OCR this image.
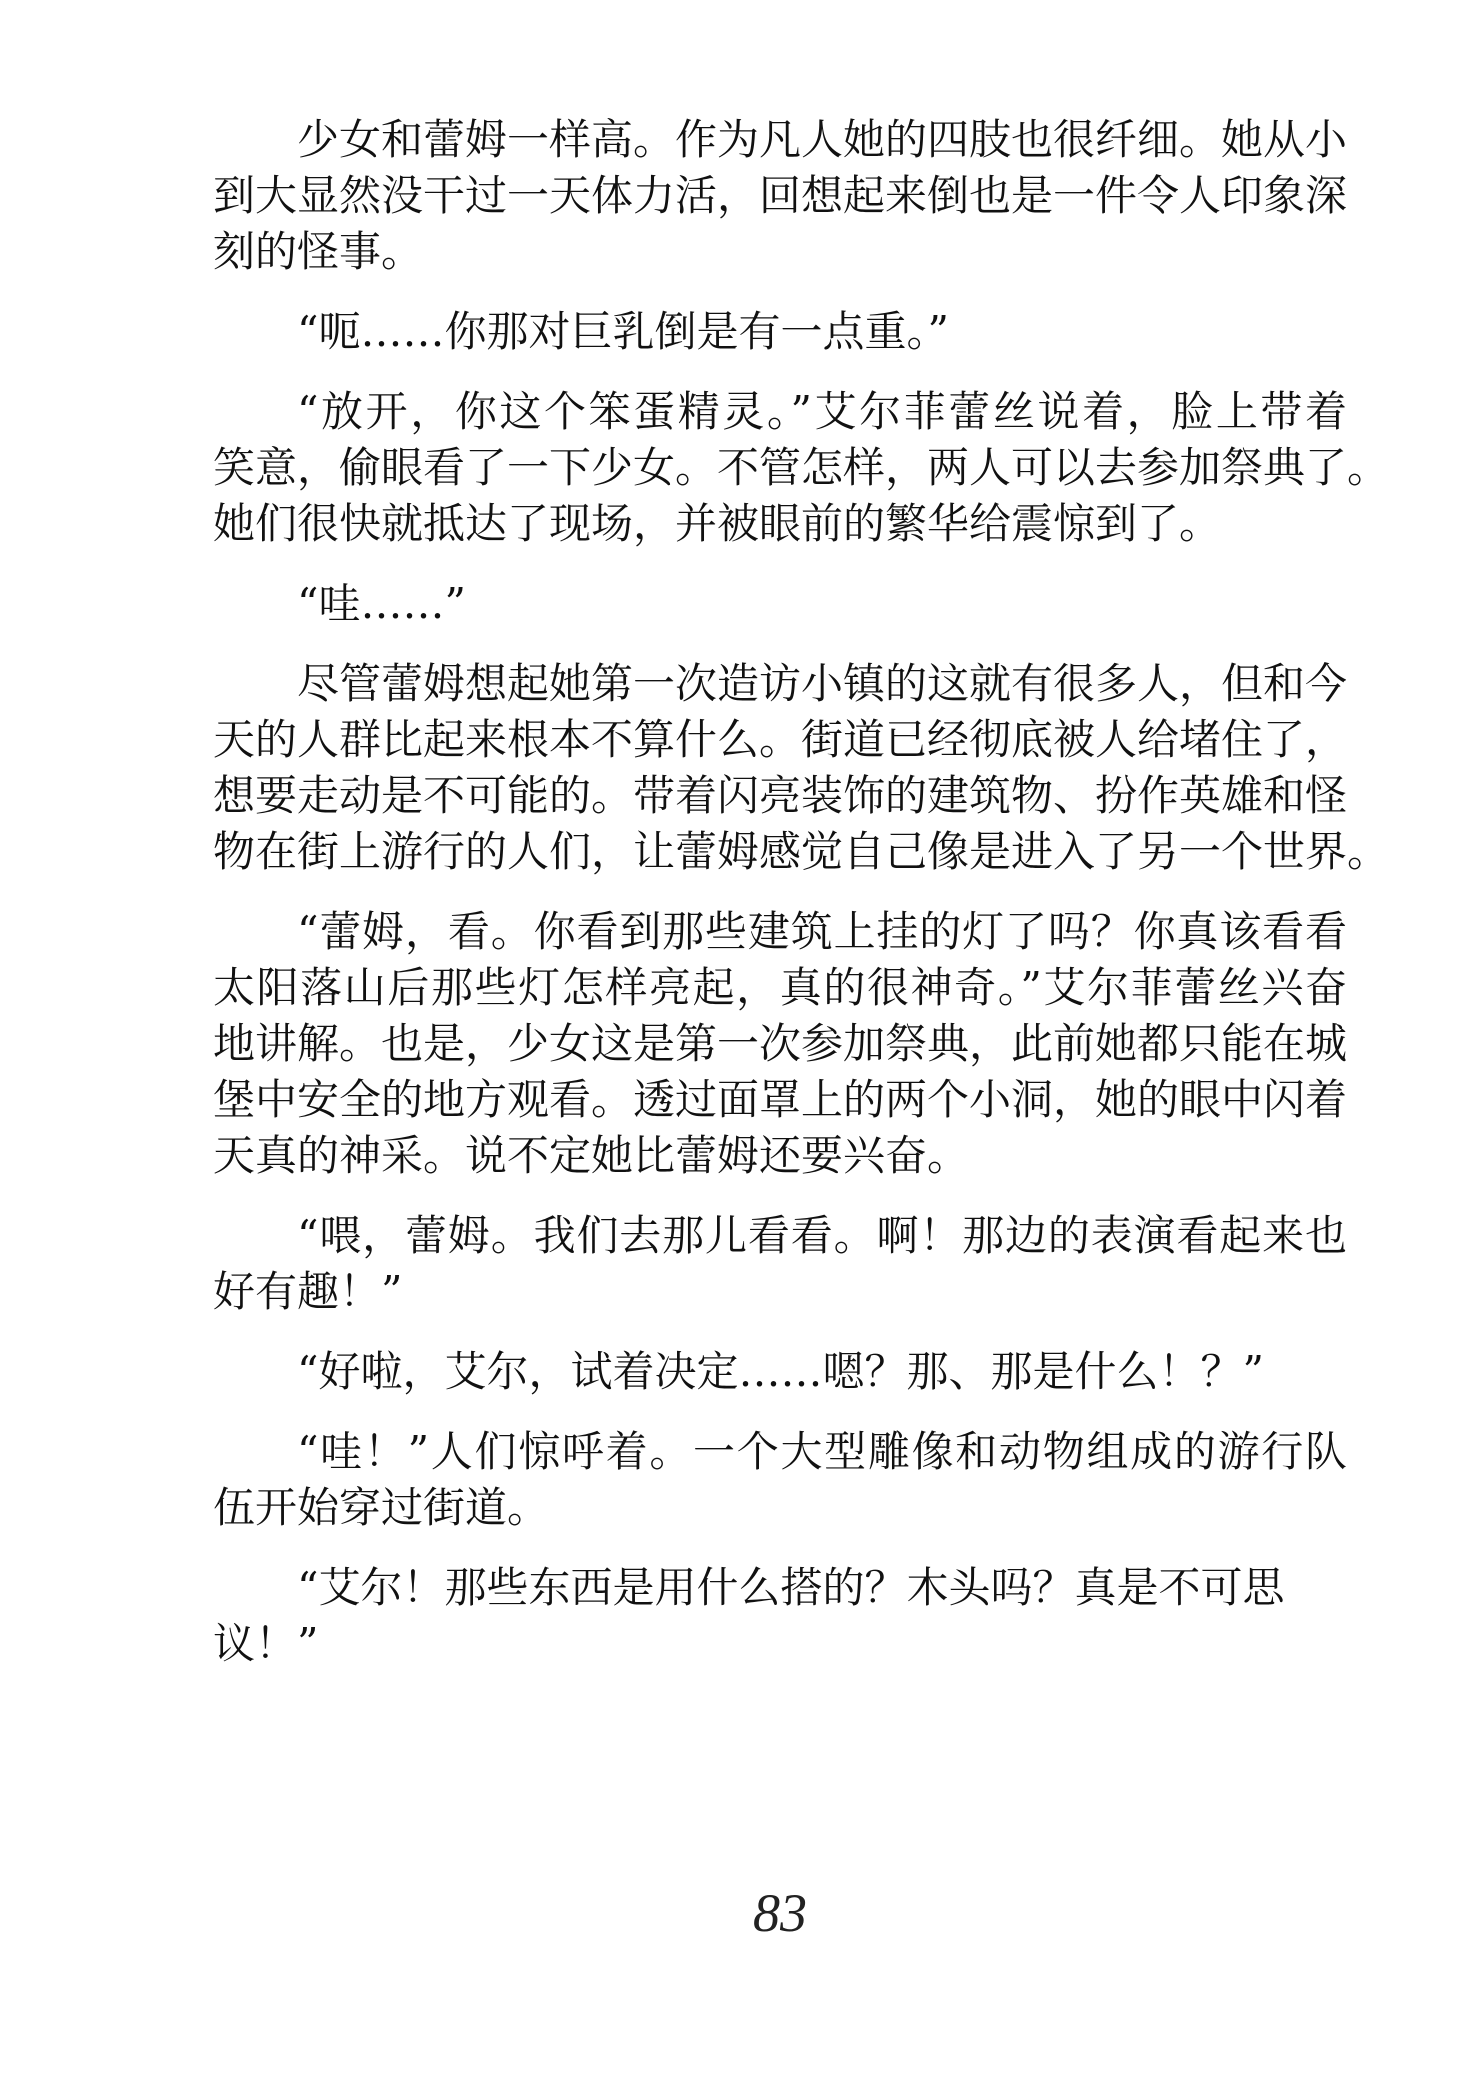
少女和蕾姆一样高。作为凡人她的四肢也很纤细。她从小
到大显然没干过一天体力活，回想起来倒也是一件令人印象深
刻的怪事。
“呃……你那对巨乳倒是有一点重。”
“放开，你这个笨蛋精灵。”艾尔菲蕾丝说着，脸上带着
笑意，偷眼看了一下少女。不管怎样，两人可以去参加祭典了。
她们很快就抵达了现场，并被眼前的繁华给震惊到了。
“哇……”
尽管蕾姆想起她第一次造访小镇的这就有很多人，但和今
天的人群比起来根本不算什么。街道已经彻底被人给堵住了，
想要走动是不可能的。带着闪亮装饰的建筑物、扮作英雄和怪
物在街上游行的人们，让蕾姆感觉自己像是进入了另一个世界。
“蕾姆，看。你看到那些建筑上挂的灯了吗？你真该看看
太阳落山后那些灯怎样亮起，真的很神奇。”艾尔菲蕾丝兴奋
地讲解。也是，少女这是第一次参加祭典，此前她都只能在城
堡中安全的地方观看。透过面罩上的两个小洞，她的眼中闪着
天真的神采。说不定她比蕾姆还要兴奋。
“喂，蕾姆。我们去那儿看看。啊！那边的表演看起来也
好有趣！”
“好啦，艾尔，试着决定……嗯？那、那是什么！？”
“哇！”人们惊呼着。一个大型雕像和动物组成的游行队
伍开始穿过街道。
“艾尔！那些东西是用什么搭的？木头吗？真是不可思
议！”
83
